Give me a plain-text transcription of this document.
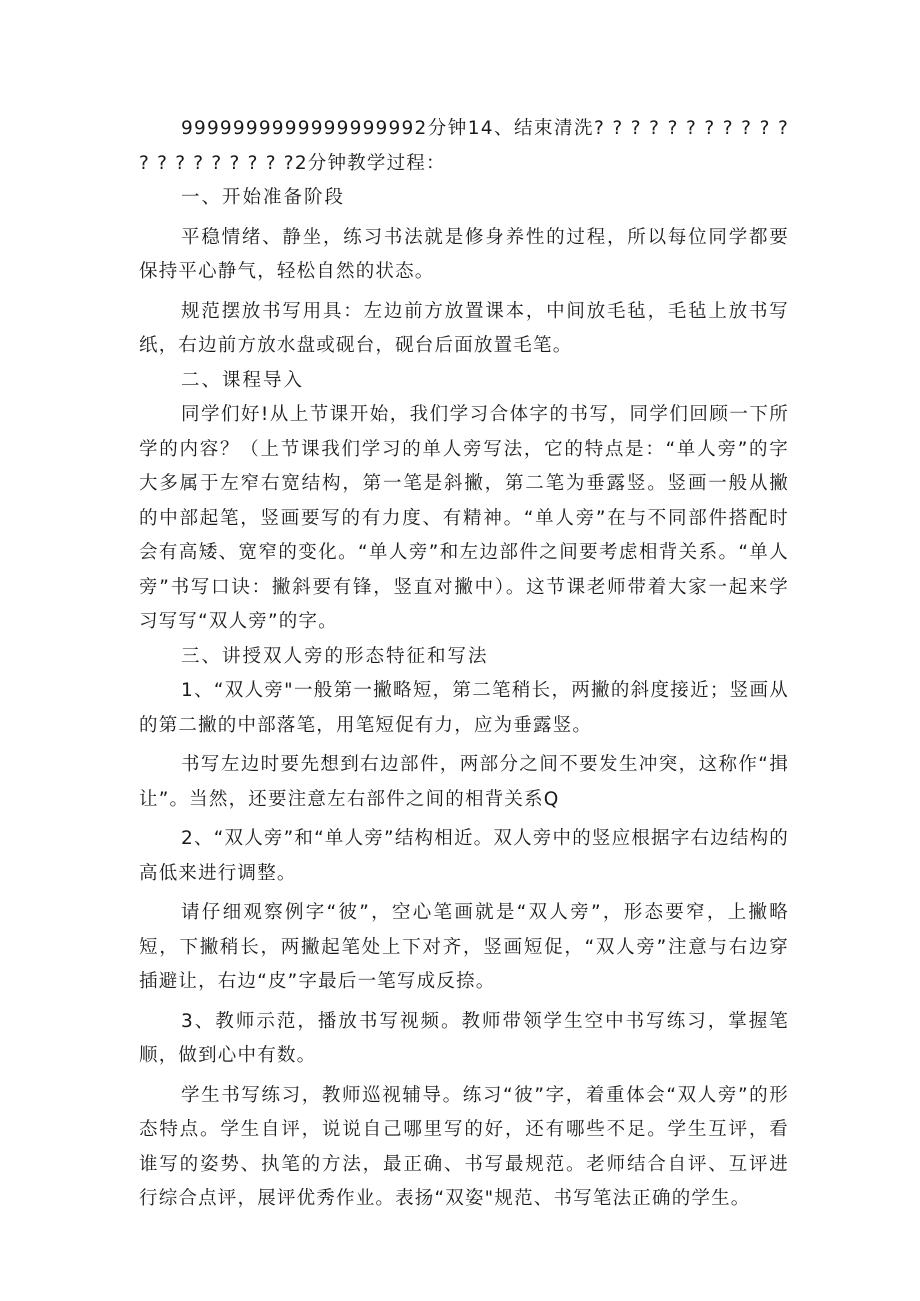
9999999999999999992分钟14、结束清洗? ? ? ? ? ? ? ? ? ? ? ? ? ? ? ? ? ? ? ?2分钟教学过程：

一、开始准备阶段

平稳情绪、静坐，练习书法就是修身养性的过程，所以每位同学都要保持平心静气，轻松自然的状态。

规范摆放书写用具：左边前方放置课本，中间放毛毡，毛毡上放书写纸，右边前方放水盘或砚台，砚台后面放置毛笔。

二、课程导入

同学们好!从上节课开始，我们学习合体字的书写，同学们回顾一下所学的内容？（上节课我们学习的单人旁写法，它的特点是：“单人旁”的字大多属于左窄右宽结构，第一笔是斜撇，第二笔为垂露竖。竖画一般从撇的中部起笔，竖画要写的有力度、有精神。“单人旁”在与不同部件搭配时会有高矮、宽窄的变化。“单人旁”和左边部件之间要考虑相背关系。“单人旁”书写口诀：撇斜要有锋，竖直对撇中）。这节课老师带着大家一起来学习写写“双人旁”的字。

三、讲授双人旁的形态特征和写法

1、“双人旁"一般第一撇略短，第二笔稍长，两撇的斜度接近；竖画从的第二撇的中部落笔，用笔短促有力，应为垂露竖。

书写左边时要先想到右边部件，两部分之间不要发生冲突，这称作“揖让”。当然，还要注意左右部件之间的相背关系Q

2、“双人旁”和“单人旁”结构相近。双人旁中的竖应根据字右边结构的高低来进行调整。

请仔细观察例字“彼”，空心笔画就是“双人旁”，形态要窄，上撇略短，下撇稍长，两撇起笔处上下对齐，竖画短促，“双人旁”注意与右边穿插避让，右边“皮”字最后一笔写成反捺。

3、教师示范，播放书写视频。教师带领学生空中书写练习，掌握笔顺，做到心中有数。

学生书写练习，教师巡视辅导。练习“彼”字，着重体会“双人旁”的形态特点。学生自评，说说自己哪里写的好，还有哪些不足。学生互评，看谁写的姿势、执笔的方法，最正确、书写最规范。老师结合自评、互评进行综合点评，展评优秀作业。表扬“双姿"规范、书写笔法正确的学生。
